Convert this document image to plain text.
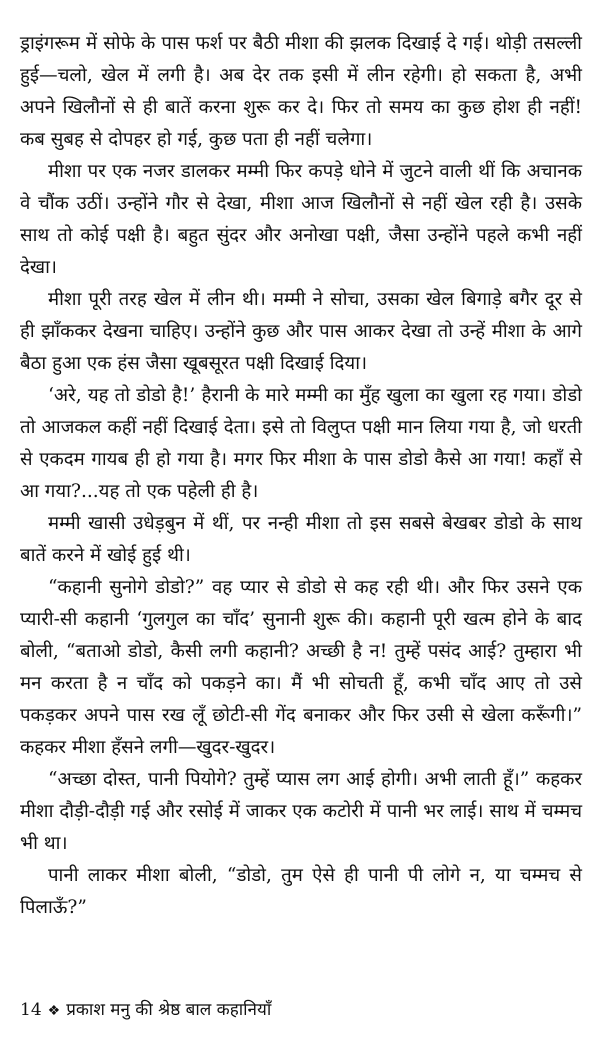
ड्राइंगरूम में सोफे के पास फर्श पर बैठी मीशा की झलक दिखाई दे गई। थोड़ी तसल्ली हुई—चलो, खेल में लगी है। अब देर तक इसी में लीन रहेगी। हो सकता है, अभी अपने खिलौनों से ही बातें करना शुरू कर दे। फिर तो समय का कुछ होश ही नहीं! कब सुबह से दोपहर हो गई, कुछ पता ही नहीं चलेगा।

मीशा पर एक नजर डालकर मम्मी फिर कपड़े धोने में जुटने वाली थीं कि अचानक वे चौंक उठीं। उन्होंने गौर से देखा, मीशा आज खिलौनों से नहीं खेल रही है। उसके साथ तो कोई पक्षी है। बहुत सुंदर और अनोखा पक्षी, जैसा उन्होंने पहले कभी नहीं देखा।

मीशा पूरी तरह खेल में लीन थी। मम्मी ने सोचा, उसका खेल बिगाड़े बगैर दूर से ही झाँककर देखना चाहिए। उन्होंने कुछ और पास आकर देखा तो उन्हें मीशा के आगे बैठा हुआ एक हंस जैसा खूबसूरत पक्षी दिखाई दिया।

‘अरे, यह तो डोडो है!’ हैरानी के मारे मम्मी का मुँह खुला का खुला रह गया। डोडो तो आजकल कहीं नहीं दिखाई देता। इसे तो विलुप्त पक्षी मान लिया गया है, जो धरती से एकदम गायब ही हो गया है। मगर फिर मीशा के पास डोडो कैसे आ गया! कहाँ से आ गया?...यह तो एक पहेली ही है।

मम्मी खासी उधेड़बुन में थीं, पर नन्ही मीशा तो इस सबसे बेखबर डोडो के साथ बातें करने में खोई हुई थी।

“कहानी सुनोगे डोडो?” वह प्यार से डोडो से कह रही थी। और फिर उसने एक प्यारी-सी कहानी ‘गुलगुल का चाँद’ सुनानी शुरू की। कहानी पूरी खत्म होने के बाद बोली, “बताओ डोडो, कैसी लगी कहानी? अच्छी है न! तुम्हें पसंद आई? तुम्हारा भी मन करता है न चाँद को पकड़ने का। मैं भी सोचती हूँ, कभी चाँद आए तो उसे पकड़कर अपने पास रख लूँ छोटी-सी गेंद बनाकर और फिर उसी से खेला करूँगी।” कहकर मीशा हँसने लगी—खुदर-खुदर।

“अच्छा दोस्त, पानी पियोगे? तुम्हें प्यास लग आई होगी। अभी लाती हूँ।” कहकर मीशा दौड़ी-दौड़ी गई और रसोई में जाकर एक कटोरी में पानी भर लाई। साथ में चम्मच भी था।

पानी लाकर मीशा बोली, “डोडो, तुम ऐसे ही पानी पी लोगे न, या चम्मच से पिलाऊँ?”

14 ❖ प्रकाश मनु की श्रेष्ठ बाल कहानियाँ
